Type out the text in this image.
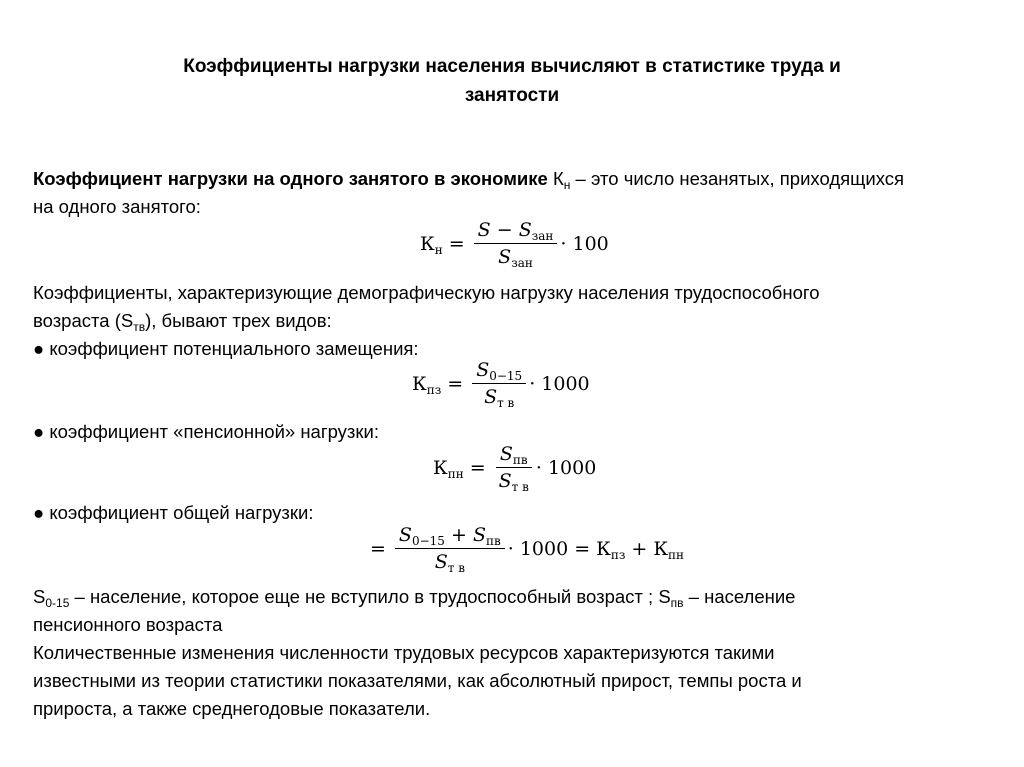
Коэффициенты нагрузки населения вычисляют в статистике труда и
занятости
Коэффициент нагрузки на одного занятого в экономике $К_н$ – это число незанятых, приходящихся
на одного занятого:
$К_н = \frac{S - S_{зан}}{S_{зан}} \cdot 100$
Коэффициенты, характеризующие демографическую нагрузку населения трудоспособного
возраста $(S_{тв})$, бывают трех видов:
● коэффициент потенциального замещения:
$К_{пз} = \frac{S_{0-15}}{S_{т в}} \cdot 1000$
● коэффициент «пенсионной» нагрузки:
$К_{пн} = \frac{S_{пв}}{S_{т в}} \cdot 1000$
● коэффициент общей нагрузки:
= $\frac{S_{0-15} + S_{пв}}{S_{т в}} \cdot 1000 = К_{пз} + К_{пн}$
$S_{0-15}$ – население, которое еще не вступило в трудоспособный возраст ; $S_{пв}$ – население
пенсионного возраста
Количественные изменения численности трудовых ресурсов характеризуются такими
известными из теории статистики показателями, как абсолютный прирост, темпы роста и
прироста, а также среднегодовые показатели.
